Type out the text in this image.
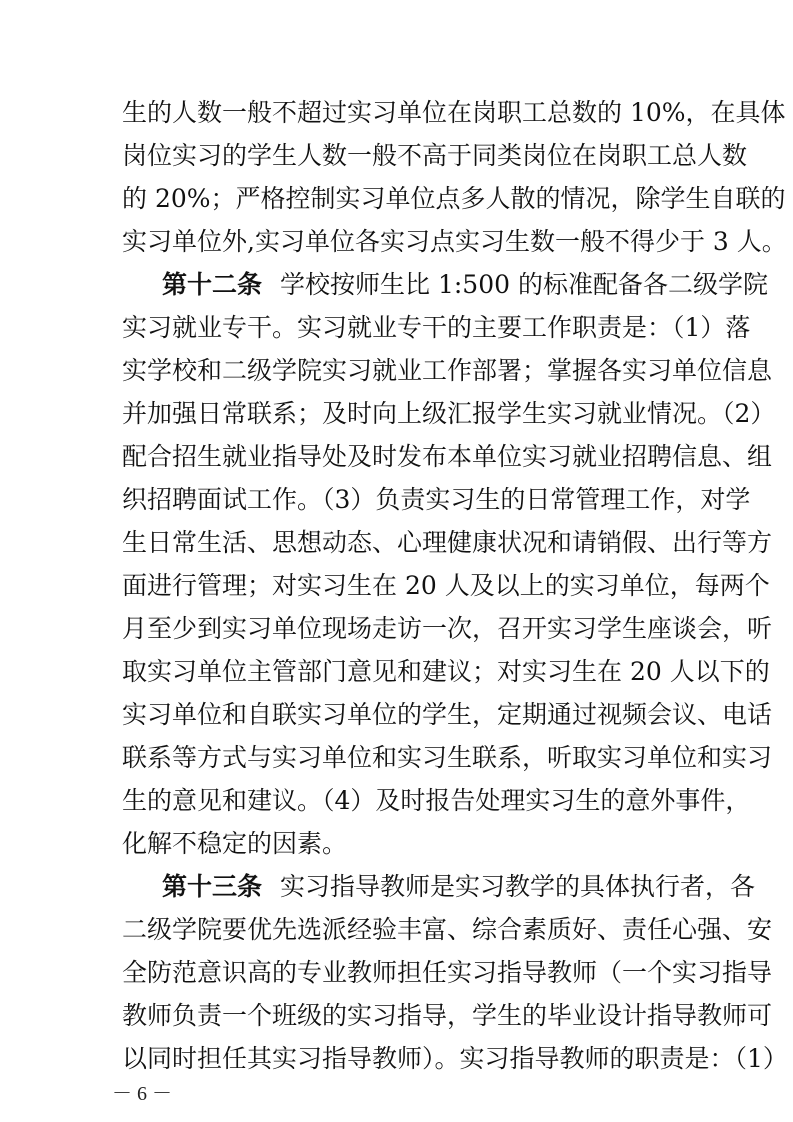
生的人数一般不超过实习单位在岗职工总数的 10%，在具体
岗位实习的学生人数一般不高于同类岗位在岗职工总人数
的 20%；严格控制实习单位点多人散的情况，除学生自联的
实习单位外,实习单位各实习点实习生数一般不得少于 3 人。
第十二条 学校按师生比 1:500 的标准配备各二级学院
实习就业专干。实习就业专干的主要工作职责是：（1）落
实学校和二级学院实习就业工作部署；掌握各实习单位信息
并加强日常联系；及时向上级汇报学生实习就业情况。（2）
配合招生就业指导处及时发布本单位实习就业招聘信息、组
织招聘面试工作。（3）负责实习生的日常管理工作，对学
生日常生活、思想动态、心理健康状况和请销假、出行等方
面进行管理；对实习生在 20 人及以上的实习单位，每两个
月至少到实习单位现场走访一次，召开实习学生座谈会，听
取实习单位主管部门意见和建议；对实习生在 20 人以下的
实习单位和自联实习单位的学生，定期通过视频会议、电话
联系等方式与实习单位和实习生联系，听取实习单位和实习
生的意见和建议。（4）及时报告处理实习生的意外事件，
化解不稳定的因素。
第十三条 实习指导教师是实习教学的具体执行者，各
二级学院要优先选派经验丰富、综合素质好、责任心强、安
全防范意识高的专业教师担任实习指导教师（一个实习指导
教师负责一个班级的实习指导，学生的毕业设计指导教师可
以同时担任其实习指导教师）。实习指导教师的职责是：（1）
－ 6 －
